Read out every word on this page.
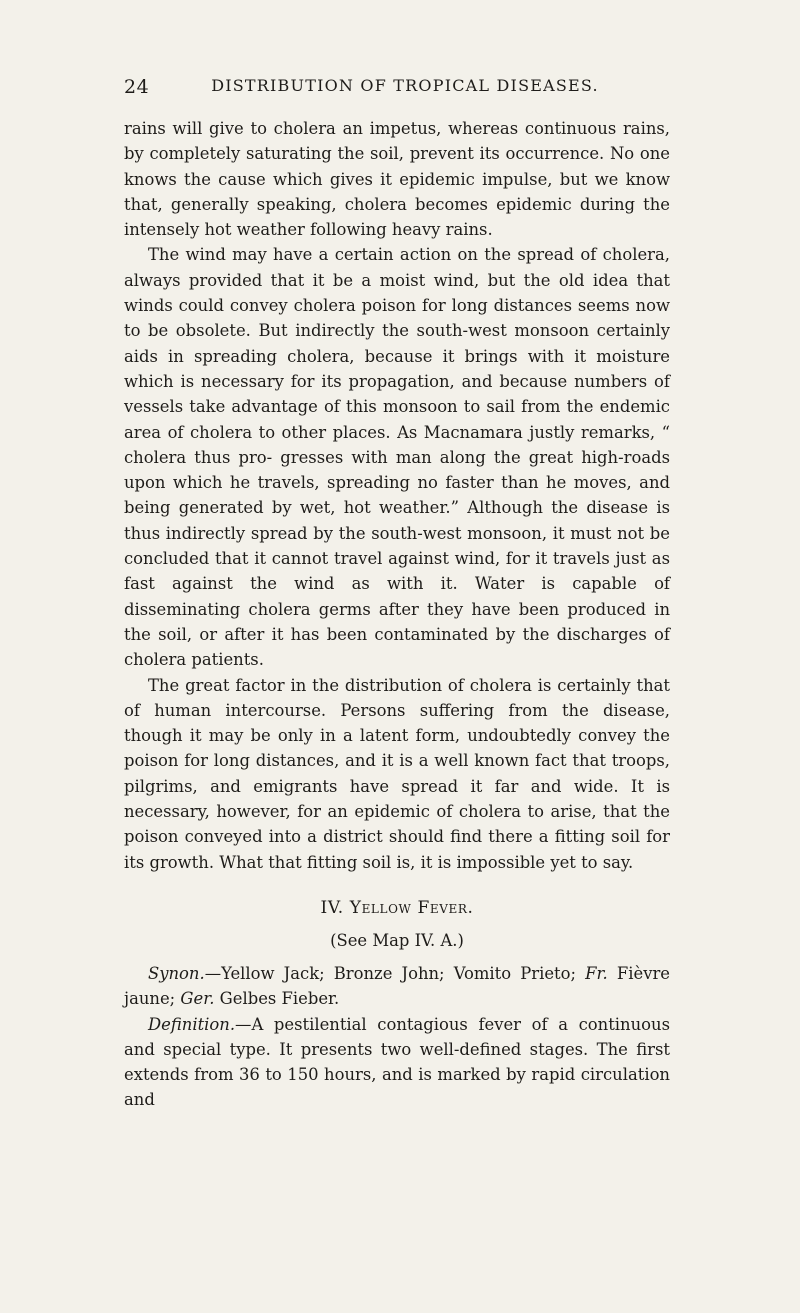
24	DISTRIBUTION OF TROPICAL DISEASES.

rains will give to cholera an impetus, whereas continuous rains, by completely saturating the soil, prevent its occurrence. No one knows the cause which gives it epidemic impulse, but we know that, generally speaking, cholera becomes epidemic during the intensely hot weather following heavy rains.

The wind may have a certain action on the spread of cholera, always provided that it be a moist wind, but the old idea that winds could convey cholera poison for long distances seems now to be obsolete. But indirectly the south-west monsoon certainly aids in spreading cholera, because it brings with it moisture which is necessary for its propagation, and because numbers of vessels take advantage of this monsoon to sail from the endemic area of cholera to other places. As Macnamara justly remarks, “ cholera thus pro- gresses with man along the great high-roads upon which he travels, spreading no faster than he moves, and being generated by wet, hot weather.” Although the disease is thus indirectly spread by the south-west monsoon, it must not be concluded that it cannot travel against wind, for it travels just as fast against the wind as with it. Water is capable of disseminating cholera germs after they have been produced in the soil, or after it has been contaminated by the discharges of cholera patients.

The great factor in the distribution of cholera is certainly that of human intercourse. Persons suffering from the disease, though it may be only in a latent form, undoubtedly convey the poison for long distances, and it is a well known fact that troops, pilgrims, and emigrants have spread it far and wide. It is necessary, however, for an epidemic of cholera to arise, that the poison conveyed into a district should find there a fitting soil for its growth. What that fitting soil is, it is impossible yet to say.

IV. Yellow Fever.
(See Map IV. A.)

Synon.—Yellow Jack; Bronze John; Vomito Prieto; Fr. Fièvre jaune; Ger. Gelbes Fieber.

Definition.—A pestilential contagious fever of a continuous and special type. It presents two well-defined stages. The first extends from 36 to 150 hours, and is marked by rapid circulation and
